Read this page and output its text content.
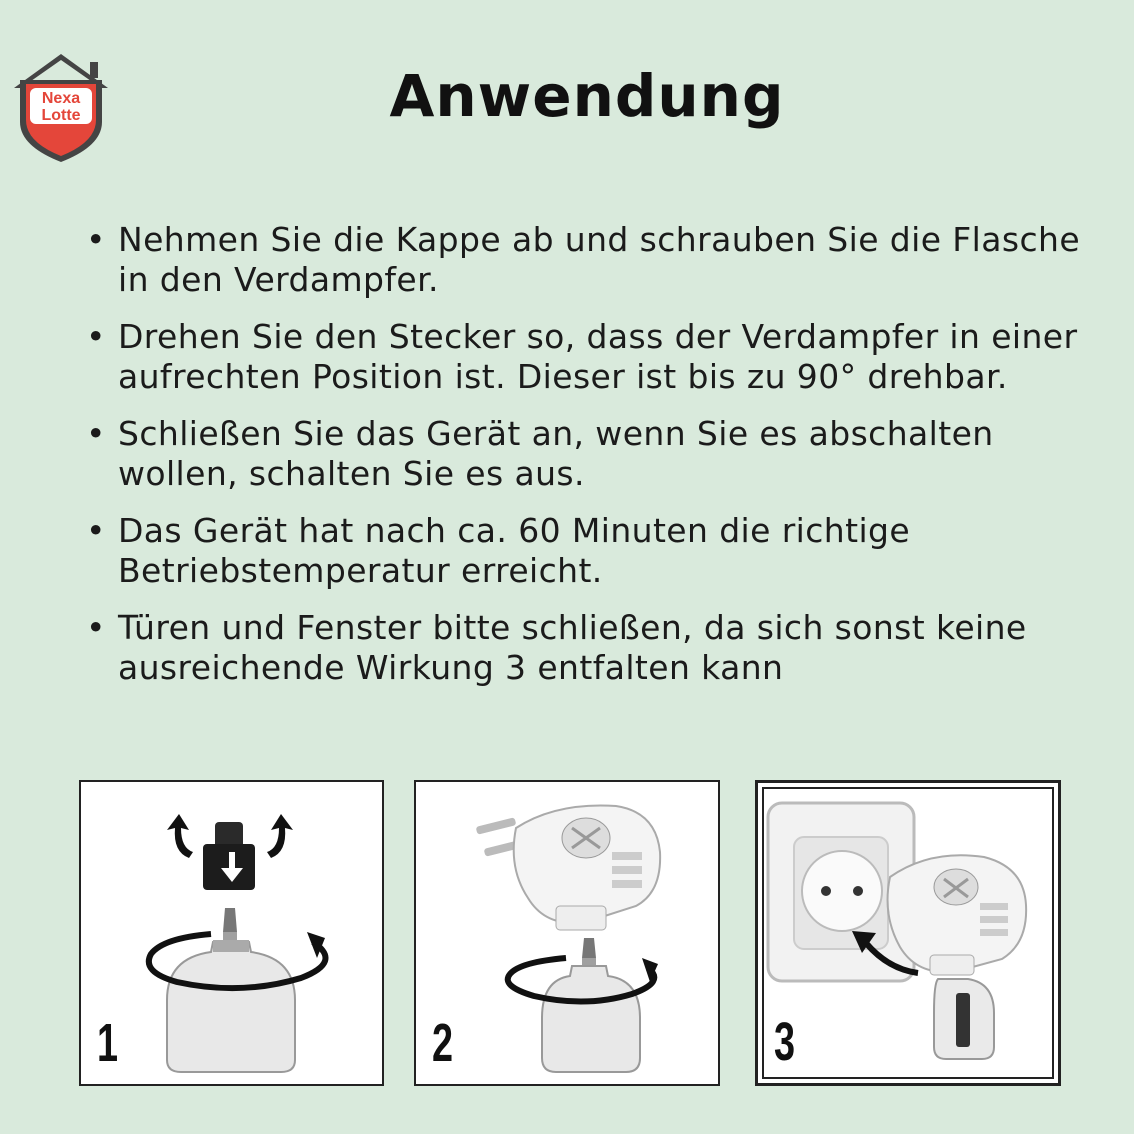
Nexa
Lotte	Anwendung
• Nehmen Sie die Kappe ab und schrauben Sie die Flasche in den Verdampfer.
• Drehen Sie den Stecker so, dass der Verdampfer in einer aufrechten Position ist. Dieser ist bis zu 90° drehbar.
• Schließen Sie das Gerät an, wenn Sie es abschalten wollen, schalten Sie es aus.
• Das Gerät hat nach ca. 60 Minuten die richtige Betriebstemperatur erreicht.
• Türen und Fenster bitte schließen, da sich sonst keine ausreichende Wirkung 3 entfalten kann
1	2	3
